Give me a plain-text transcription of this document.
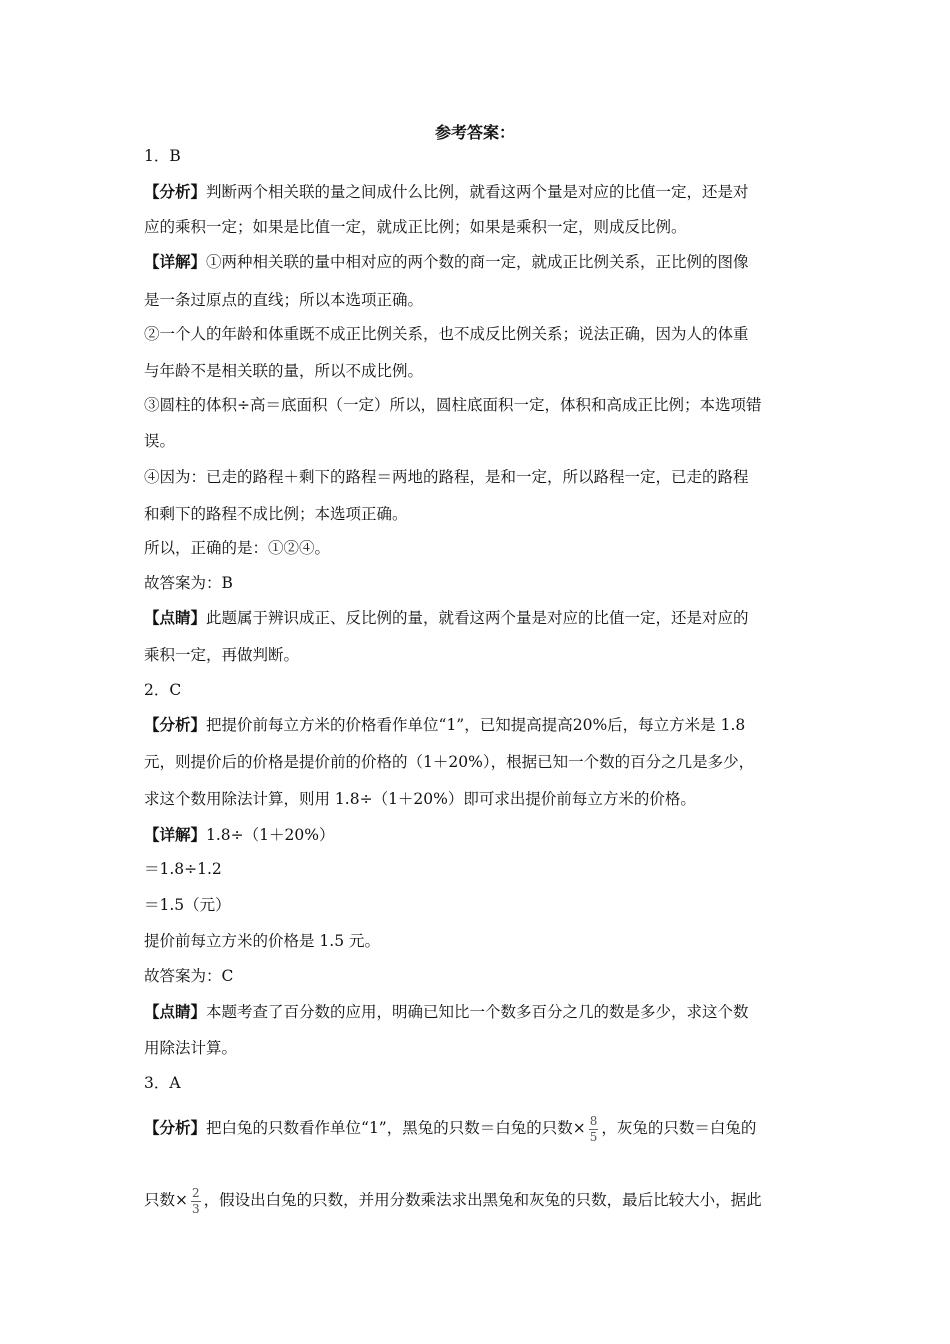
参考答案：
1．B
【分析】判断两个相关联的量之间成什么比例，就看这两个量是对应的比值一定，还是对
应的乘积一定；如果是比值一定，就成正比例；如果是乘积一定，则成反比例。
【详解】①两种相关联的量中相对应的两个数的商一定，就成正比例关系，正比例的图像
是一条过原点的直线；所以本选项正确。
②一个人的年龄和体重既不成正比例关系，也不成反比例关系；说法正确，因为人的体重
与年龄不是相关联的量，所以不成比例。
③圆柱的体积÷高＝底面积（一定）所以，圆柱底面积一定，体积和高成正比例；本选项错
误。
④因为：已走的路程＋剩下的路程＝两地的路程，是和一定，所以路程一定，已走的路程
和剩下的路程不成比例；本选项正确。
所以，正确的是：①②④。
故答案为：B
【点睛】此题属于辨识成正、反比例的量，就看这两个量是对应的比值一定，还是对应的
乘积一定，再做判断。
2．C
【分析】把提价前每立方米的价格看作单位“1”，已知提高提高20%后，每立方米是 1.8
元，则提价后的价格是提价前的价格的（1＋20%），根据已知一个数的百分之几是多少，
求这个数用除法计算，则用 1.8÷（1＋20%）即可求出提价前每立方米的价格。
【详解】1.8÷（1＋20%）
＝1.8÷1.2
＝1.5（元）
提价前每立方米的价格是 1.5 元。
故答案为：C
【点睛】本题考查了百分数的应用，明确已知比一个数多百分之几的数是多少，求这个数
用除法计算。
3．A
【分析】把白兔的只数看作单位“1”，黑兔的只数＝白兔的只数× $\frac{8}{5}$ ，灰兔的只数＝白兔的
只数× $\frac{2}{3}$ ，假设出白兔的只数，并用分数乘法求出黑兔和灰兔的只数，最后比较大小，据此
